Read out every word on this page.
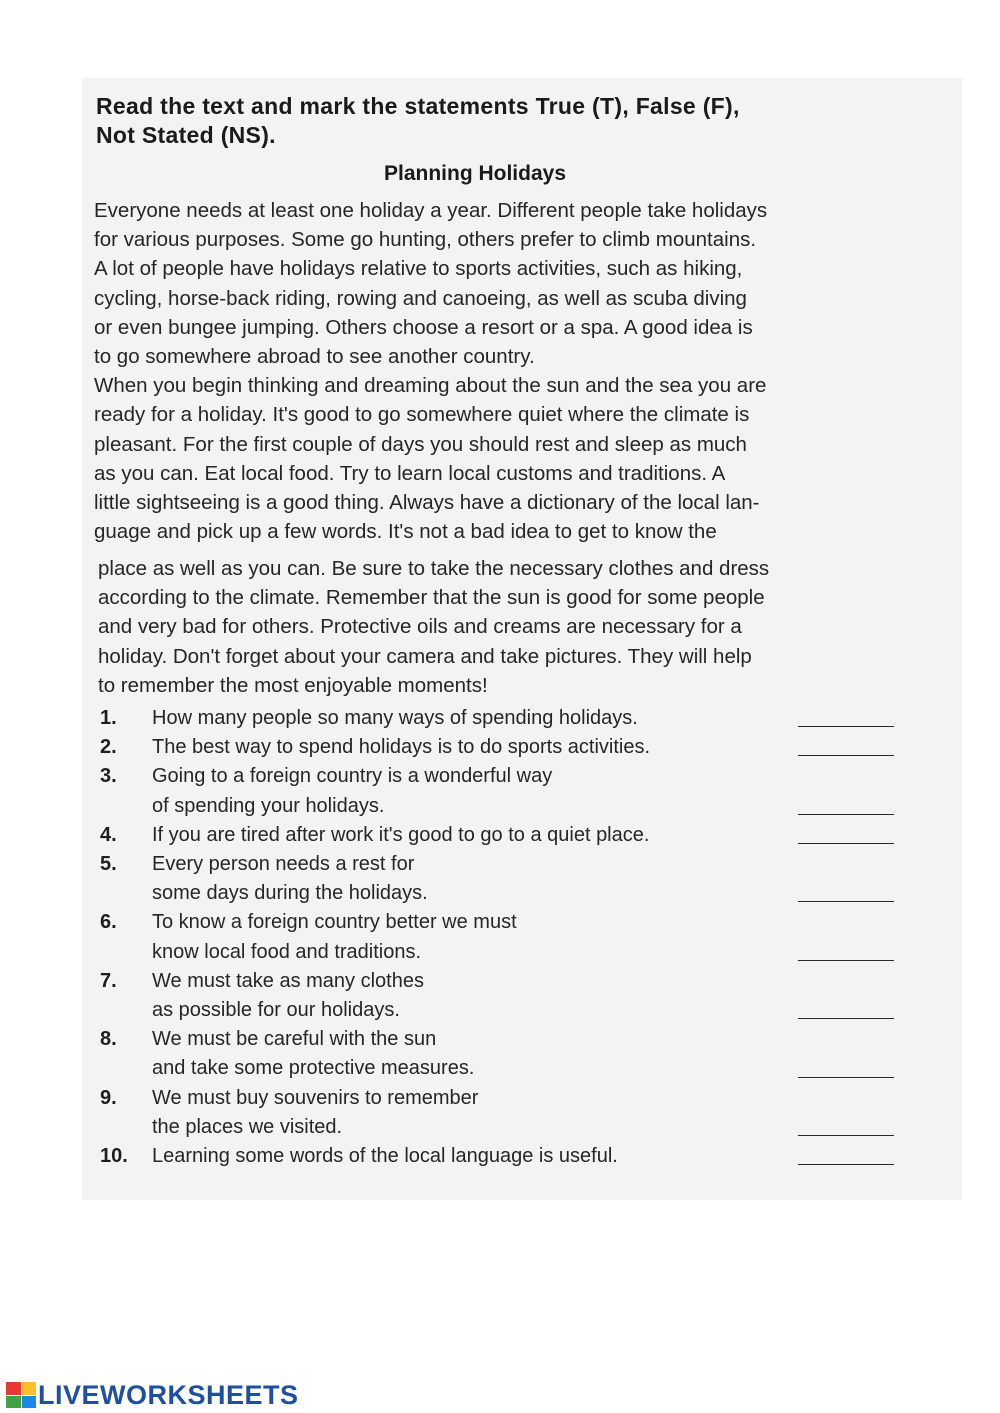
Read the text and mark the statements True (T), False (F),
Not Stated (NS).
Planning Holidays
Everyone needs at least one holiday a year. Different people take holidays
for various purposes. Some go hunting, others prefer to climb mountains.
A lot of people have holidays relative to sports activities, such as hiking,
cycling, horse-back riding, rowing and canoeing, as well as scuba diving
or even bungee jumping. Others choose a resort or a spa. A good idea is
to go somewhere abroad to see another country.
When you begin thinking and dreaming about the sun and the sea you are
ready for a holiday. It's good to go somewhere quiet where the climate is
pleasant. For the first couple of days you should rest and sleep as much
as you can. Eat local food. Try to learn local customs and traditions. A
little sightseeing is a good thing. Always have a dictionary of the local lan-
guage and pick up a few words. It's not a bad idea to get to know the
place as well as you can. Be sure to take the necessary clothes and dress
according to the climate. Remember that the sun is good for some people
and very bad for others. Protective oils and creams are necessary for a
holiday. Don't forget about your camera and take pictures. They will help
to remember the most enjoyable moments!
1.	How many people so many ways of spending holidays.
2.	The best way to spend holidays is to do sports activities.
3.	Going to a foreign country is a wonderful way
of spending your holidays.
4.	If you are tired after work it's good to go to a quiet place.
5.	Every person needs a rest for
some days during the holidays.
6.	To know a foreign country better we must
know local food and traditions.
7.	We must take as many clothes
as possible for our holidays.
8.	We must be careful with the sun
and take some protective measures.
9.	We must buy souvenirs to remember
the places we visited.
10.	Learning some words of the local language is useful.
LIVEWORKSHEETS
